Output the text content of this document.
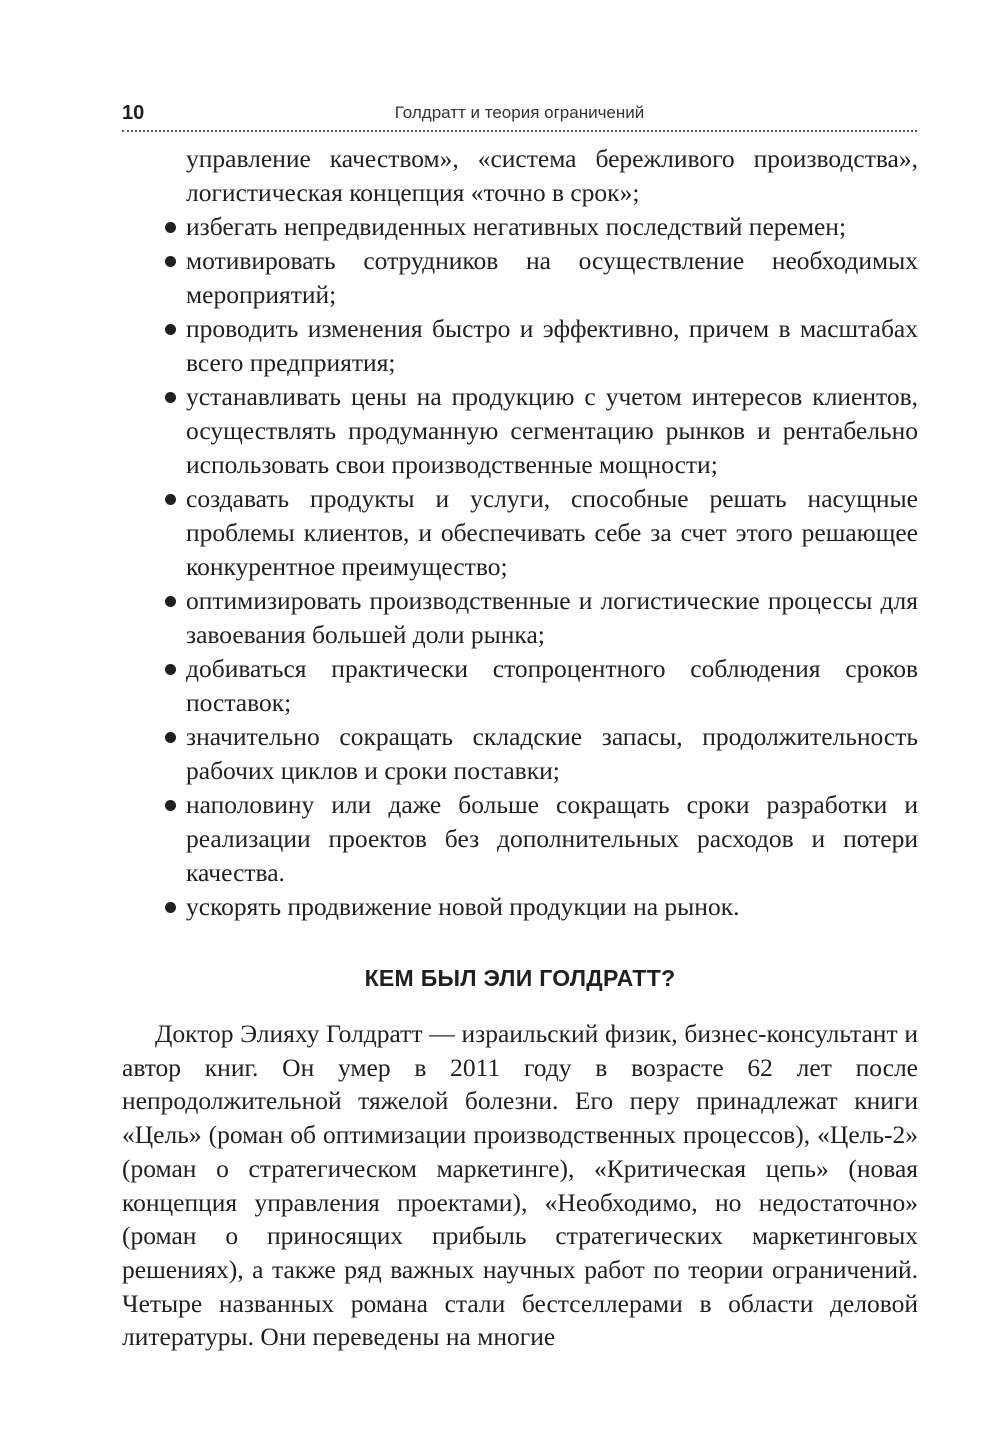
10	Голдратт и теория ограничений
управление качеством», «система бережливого производства», логистическая концепция «точно в срок»;
избегать непредвиденных негативных последствий перемен;
мотивировать сотрудников на осуществление необходимых мероприятий;
проводить изменения быстро и эффективно, причем в масштабах всего предприятия;
устанавливать цены на продукцию с учетом интересов клиентов, осуществлять продуманную сегментацию рынков и рентабельно использовать свои производственные мощности;
создавать продукты и услуги, способные решать насущные проблемы клиентов, и обеспечивать себе за счет этого решающее конкурентное преимущество;
оптимизировать производственные и логистические процессы для завоевания большей доли рынка;
добиваться практически стопроцентного соблюдения сроков поставок;
значительно сокращать складские запасы, продолжительность рабочих циклов и сроки поставки;
наполовину или даже больше сокращать сроки разработки и реализации проектов без дополнительных расходов и потери качества.
ускорять продвижение новой продукции на рынок.
КЕМ БЫЛ ЭЛИ ГОЛДРАТТ?

Доктор Элияху Голдратт — израильский физик, бизнес-консультант и автор книг. Он умер в 2011 году в возрасте 62 лет после непродолжительной тяжелой болезни. Его перу принадлежат книги «Цель» (роман об оптимизации производственных процессов), «Цель-2» (роман о стратегическом маркетинге), «Критическая цепь» (новая концепция управления проектами), «Необходимо, но недостаточно» (роман о приносящих прибыль стратегических маркетинговых решениях), а также ряд важных научных работ по теории ограничений. Четыре названных романа стали бестселлерами в области деловой литературы. Они переведены на многие
